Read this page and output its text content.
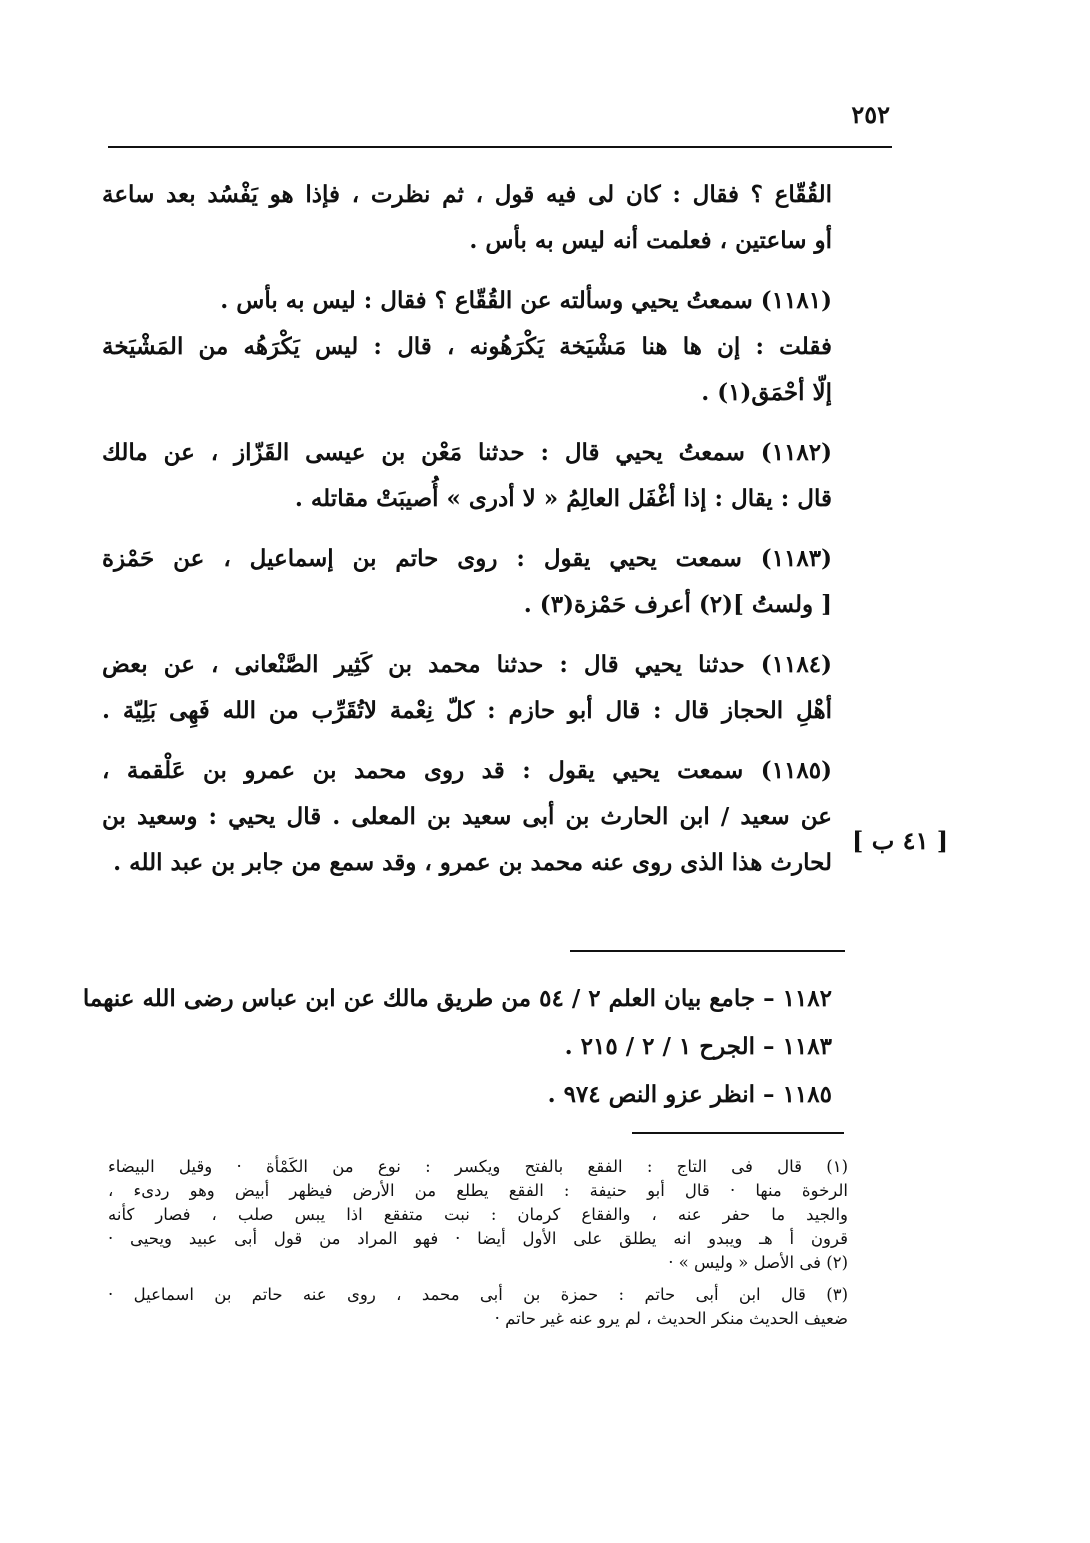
٢٥٢
القُقّاع ؟ فقال : كان لى فيه قول ، ثم نظرت ، فإذا هو يَفْسُد بعد ساعة
أو ساعتين ، فعلمت أنه ليس به بأس .
(١١٨١) سمعتُ يحيي وسألته عن القُقّاع ؟ فقال : ليس به بأس .
فقلت : إن ها هنا مَشْيَخة يَكْرَهُونه ، قال : ليس يَكْرَهُه من المَشْيَخة
إلّا أحْمَق(١) .
(١١٨٢) سمعتُ يحيي قال : حدثنا مَعْن بن عيسى القَزّاز ، عن مالك
قال : يقال : إذا أغْفَل العالِمُ « لا أدرى » أُصيبَتْ مقاتله .
(١١٨٣) سمعت يحيي يقول : روى حاتم بن إسماعيل ، عن حَمْزة
[ ولستُ ](٢) أعرف حَمْزة(٣) .
(١١٨٤) حدثنا يحيي قال : حدثنا محمد بن كَثِير الصَّنْعانى ، عن بعض
أهْلِ الحجاز قال : قال أبو حازم : كلّ نِعْمة لاتُقَرِّب من الله فَهِى بَلِيّة .
(١١٨٥) سمعت يحيي يقول : قد روى محمد بن عمرو بن عَلْقمة ،
عن سعيد / ابن الحارث بن أبى سعيد بن المعلى . قال يحيي : وسعيد بن
لحارث هذا الذى روى عنه محمد بن عمرو ، وقد سمع من جابر بن عبد الله .
[ ٤١ ب ]
١١٨٢ – جامع بيان العلم ٢ / ٥٤ من طريق مالك عن ابن عباس رضى الله عنهما
١١٨٣ – الجرح ١ / ٢ / ٢١٥ .
١١٨٥ – انظر عزو النص ٩٧٤ .
(١) قال فى التاج : الفقع بالفتح ويكسر : نوع من الكَمْأة · وقيل البيضاء
الرخوة منها · قال أبو حنيفة : الفقع يطلع من الأرض فيظهر أبيض وهو ردىء ،
والجيد ما حفر عنه ، والفقاع كرمان : نبت متفقع اذا يبس صلب ، فصار كأنه
قرون أ هـ ويبدو انه يطلق على الأول أيضا · فهو المراد من قول أبى عبيد ويحيى ·
(٢) فى الأصل « وليس » ·
(٣) قال ابن أبى حاتم : حمزة بن أبى محمد ، روى عنه حاتم بن اسماعيل ·
ضعيف الحديث منكر الحديث ، لم يرو عنه غير حاتم ·
